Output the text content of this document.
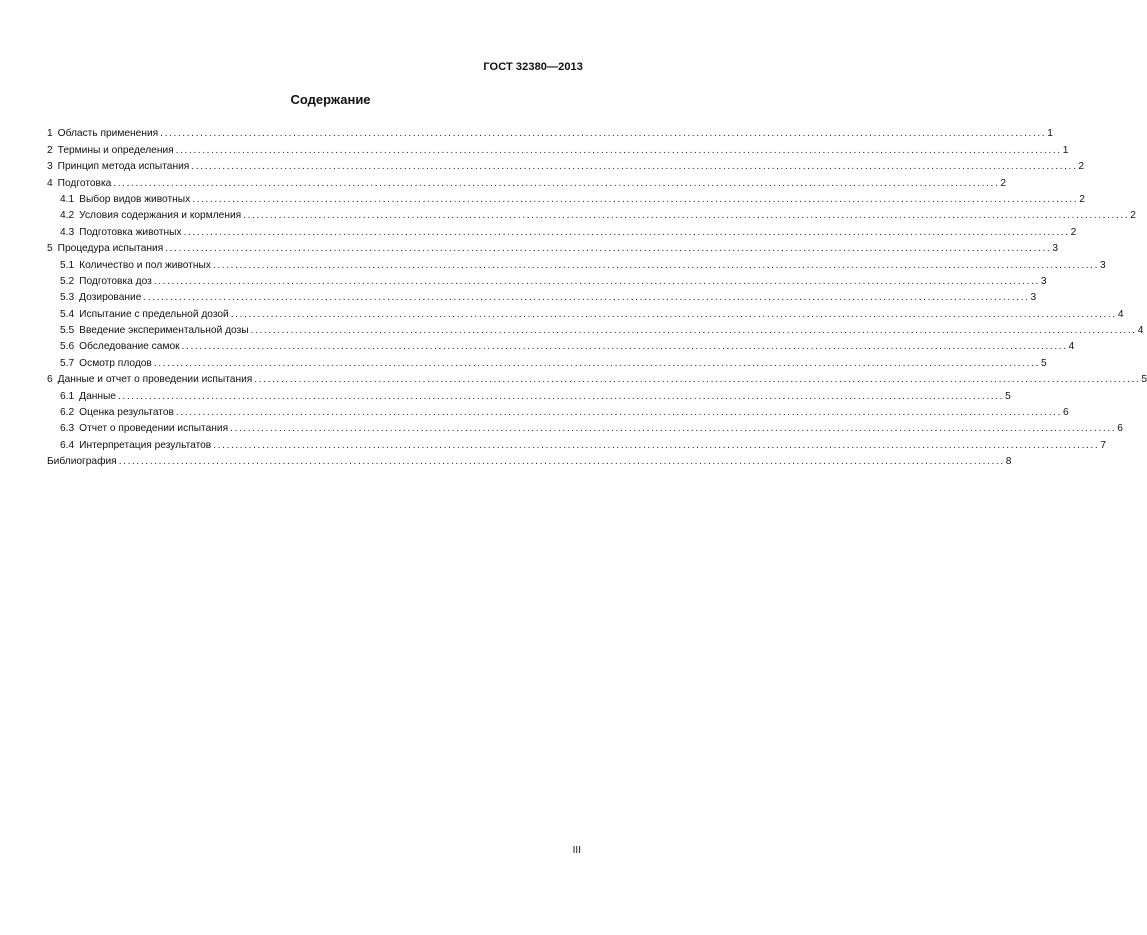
ГОСТ 32380—2013
Содержание
1 Область применения ........................................................................................................................................................................................................ 1
2 Термины и определения ........................................................................................................................................................................................................ 1
3 Принцип метода испытания ........................................................................................................................................................................................................ 2
4 Подготовка ........................................................................................................................................................................................................ 2
4.1 Выбор видов животных ........................................................................................................................................................................................................ 2
4.2 Условия содержания и кормления ........................................................................................................................................................................................................ 2
4.3 Подготовка животных ........................................................................................................................................................................................................ 2
5 Процедура испытания ........................................................................................................................................................................................................ 3
5.1 Количество и пол животных ........................................................................................................................................................................................................ 3
5.2 Подготовка доз ........................................................................................................................................................................................................ 3
5.3 Дозирование ........................................................................................................................................................................................................ 3
5.4 Испытание с предельной дозой ........................................................................................................................................................................................................ 4
5.5 Введение экспериментальной дозы ........................................................................................................................................................................................................ 4
5.6 Обследование самок ........................................................................................................................................................................................................ 4
5.7 Осмотр плодов ........................................................................................................................................................................................................ 5
6 Данные и отчет о проведении испытания ........................................................................................................................................................................................................ 5
6.1 Данные ........................................................................................................................................................................................................ 5
6.2 Оценка результатов ........................................................................................................................................................................................................ 6
6.3 Отчет о проведении испытания ........................................................................................................................................................................................................ 6
6.4 Интерпретация результатов ........................................................................................................................................................................................................ 7
Библиография ........................................................................................................................................................................................................ 8
III
